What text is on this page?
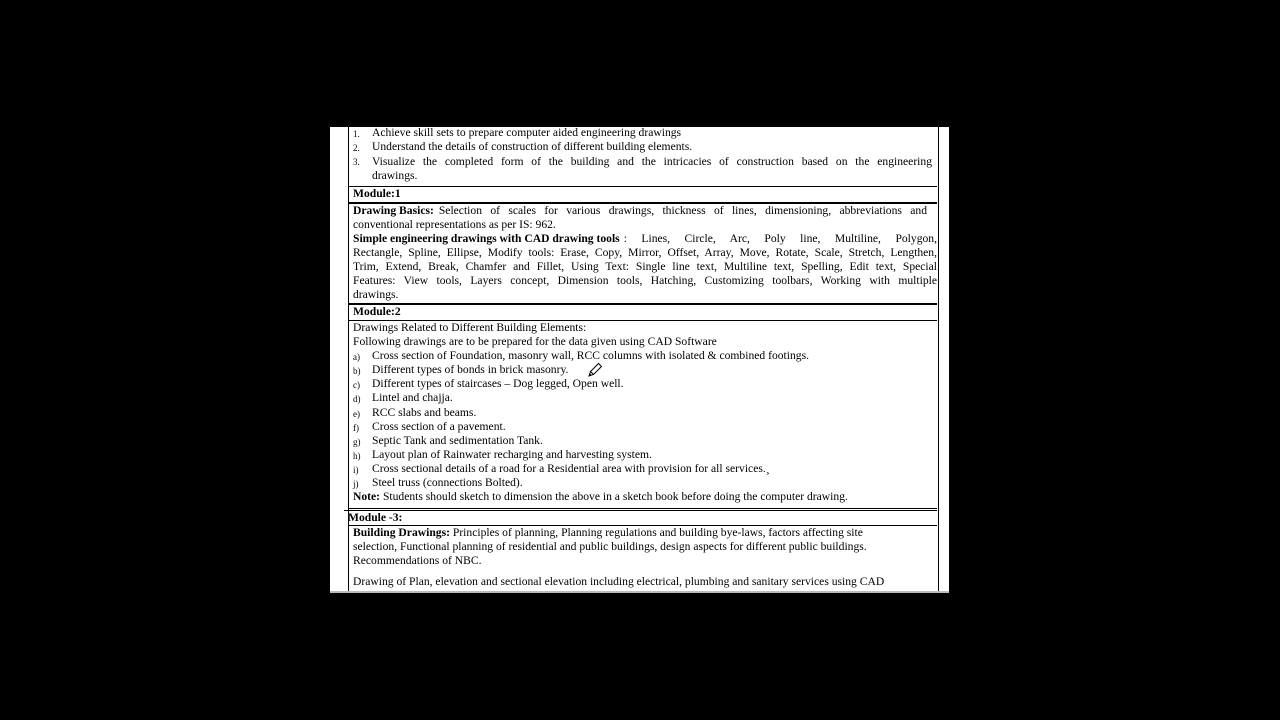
1. Achieve skill sets to prepare computer aided engineering drawings
2. Understand the details of construction of different building elements.
3. Visualize the completed form of the building and the intricacies of construction based on the engineering
drawings.
Module:1
Drawing Basics: Selection of scales for various drawings, thickness of lines, dimensioning, abbreviations and
conventional representations as per IS: 962.
Simple engineering drawings with CAD drawing tools : Lines, Circle, Arc, Poly line, Multiline, Polygon,
Rectangle, Spline, Ellipse, Modify tools: Erase, Copy, Mirror, Offset, Array, Move, Rotate, Scale, Stretch, Lengthen,
Trim, Extend, Break, Chamfer and Fillet, Using Text: Single line text, Multiline text, Spelling, Edit text, Special
Features: View tools, Layers concept, Dimension tools, Hatching, Customizing toolbars, Working with multiple
drawings.
Module:2
Drawings Related to Different Building Elements:
Following drawings are to be prepared for the data given using CAD Software
a) Cross section of Foundation, masonry wall, RCC columns with isolated & combined footings.
b) Different types of bonds in brick masonry.
c) Different types of staircases – Dog legged, Open well.
d) Lintel and chajja.
e) RCC slabs and beams.
f) Cross section of a pavement.
g) Septic Tank and sedimentation Tank.
h) Layout plan of Rainwater recharging and harvesting system.
i) Cross sectional details of a road for a Residential area with provision for all services.¸
j) Steel truss (connections Bolted).
Note: Students should sketch to dimension the above in a sketch book before doing the computer drawing.
Module -3:
Building Drawings: Principles of planning, Planning regulations and building bye-laws, factors affecting site
selection, Functional planning of residential and public buildings, design aspects for different public buildings.
Recommendations of NBC.
Drawing of Plan, elevation and sectional elevation including electrical, plumbing and sanitary services using CAD
